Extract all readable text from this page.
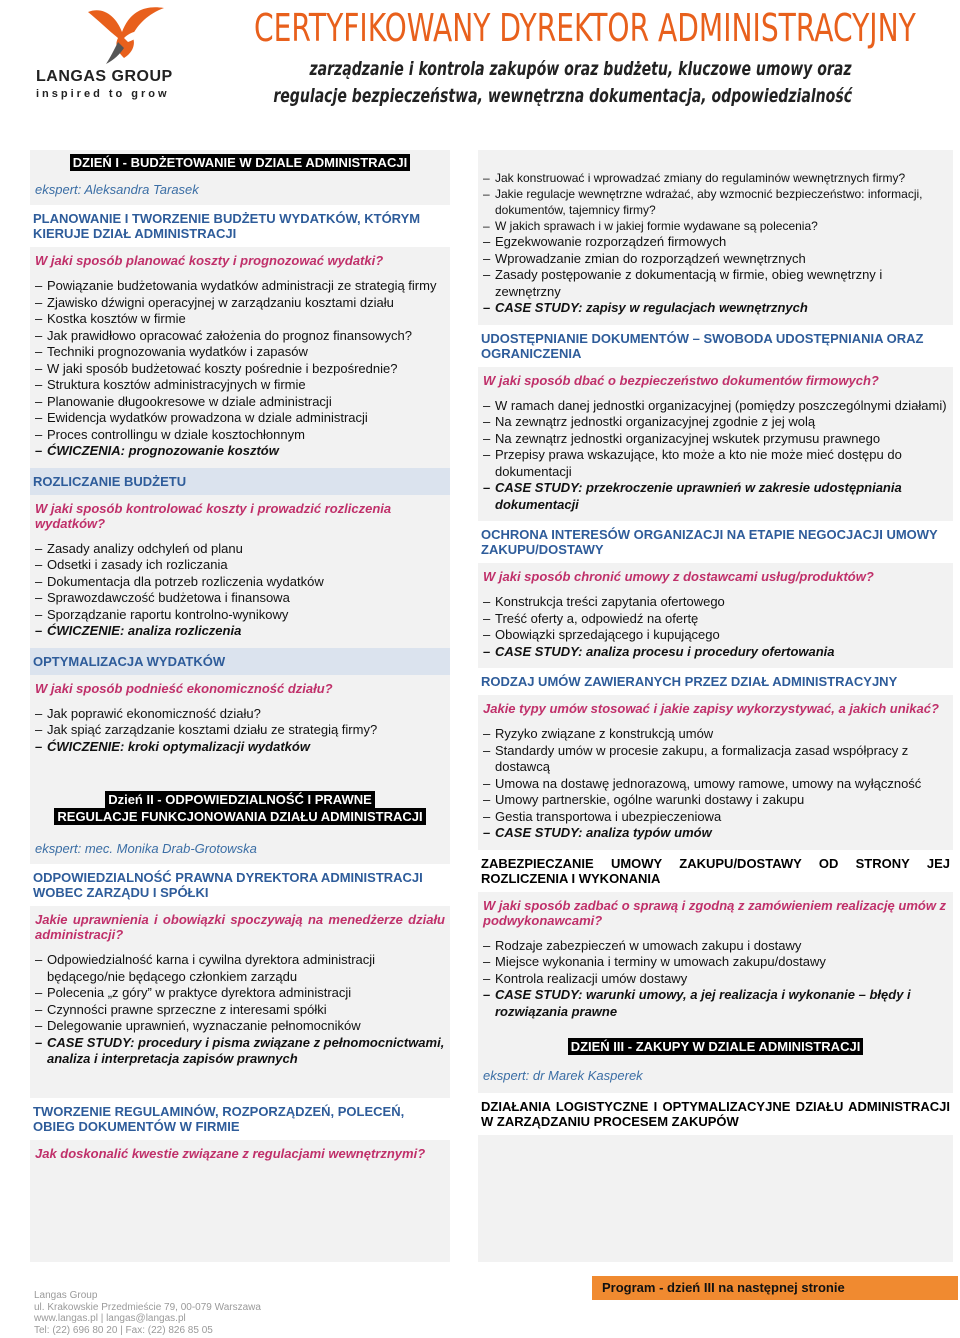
LANGAS GROUP
inspired to grow
CERTYFIKOWANY DYREKTOR ADMINISTRACYJNY
zarządzanie i kontrola zakupów oraz budżetu, kluczowe umowy oraz
regulacje bezpieczeństwa, wewnętrzna dokumentacja, odpowiedzialność
DZIEŃ I - BUDŻETOWANIE W DZIALE ADMINISTRACJI
ekspert: Aleksandra Tarasek
PLANOWANIE I TWORZENIE BUDŻETU WYDATKÓW, KTÓRYM KIERUJE DZIAŁ ADMINISTRACJI
W jaki sposób planować koszty i prognozować wydatki?
– Powiązanie budżetowania wydatków administracji ze strategią firmy
– Zjawisko dźwigni operacyjnej w zarządzaniu kosztami działu
– Kostka kosztów w firmie
– Jak prawidłowo opracować założenia do prognoz finansowych?
– Techniki prognozowania wydatków i zapasów
– W jaki sposób budżetować koszty pośrednie i bezpośrednie?
– Struktura kosztów administracyjnych w firmie
– Planowanie długookresowe w dziale administracji
– Ewidencja wydatków prowadzona w dziale administracji
– Proces controllingu w dziale kosztochłonnym
– ĆWICZENIA: prognozowanie kosztów
ROZLICZANIE BUDŻETU
W jaki sposób kontrolować koszty i prowadzić rozliczenia wydatków?
– Zasady analizy odchyleń od planu
– Odsetki i zasady ich rozliczania
– Dokumentacja dla potrzeb rozliczenia wydatków
– Sprawozdawczość budżetowa i finansowa
– Sporządzanie raportu kontrolno-wynikowy
– ĆWICZENIE: analiza rozliczenia
OPTYMALIZACJA WYDATKÓW
W jaki sposób podnieść ekonomiczność działu?
– Jak poprawić ekonomiczność działu?
– Jak spiąć zarządzanie kosztami działu ze strategią firmy?
– ĆWICZENIE: kroki optymalizacji wydatków
Dzień II - ODPOWIEDZIALNOŚĆ I PRAWNE
REGULACJE FUNKCJONOWANIA DZIAŁU ADMINISTRACJI
ekspert: mec. Monika Drab-Grotowska
ODPOWIEDZIALNOŚĆ PRAWNA DYREKTORA ADMINISTRACJI WOBEC ZARZĄDU I SPÓŁKI
Jakie uprawnienia i obowiązki spoczywają na menedżerze działu administracji?
– Odpowiedzialność karna i cywilna dyrektora administracji będącego/nie będącego członkiem zarządu
– Polecenia „z góry” w praktyce dyrektora administracji
– Czynności prawne sprzeczne z interesami spółki
– Delegowanie uprawnień, wyznaczanie pełnomocników
– CASE STUDY: procedury i pisma związane z pełnomocnictwami, analiza i interpretacja zapisów prawnych
TWORZENIE REGULAMINÓW, ROZPORZĄDZEŃ, POLECEŃ, OBIEG DOKUMENTÓW W FIRMIE
Jak doskonalić kwestie związane z regulacjami wewnętrznymi?
– Jak konstruować i wprowadzać zmiany do regulaminów wewnętrznych firmy?
– Jakie regulacje wewnętrzne wdrażać, aby wzmocnić bezpieczeństwo: informacji, dokumentów, tajemnicy firmy?
– W jakich sprawach i w jakiej formie wydawane są polecenia?
– Egzekwowanie rozporządzeń firmowych
– Wprowadzanie zmian do rozporządzeń wewnętrznych
– Zasady postępowanie z dokumentacją w firmie, obieg wewnętrzny i zewnętrzny
– CASE STUDY: zapisy w regulacjach wewnętrznych
UDOSTĘPNIANIE DOKUMENTÓW – SWOBODA UDOSTĘPNIANIA ORAZ OGRANICZENIA
W jaki sposób dbać o bezpieczeństwo dokumentów firmowych?
– W ramach danej jednostki organizacyjnej (pomiędzy poszczególnymi działami)
– Na zewnątrz jednostki organizacyjnej zgodnie z jej wolą
– Na zewnątrz jednostki organizacyjnej wskutek przymusu prawnego
– Przepisy prawa wskazujące, kto może a kto nie może mieć dostępu do dokumentacji
– CASE STUDY: przekroczenie uprawnień w zakresie udostępniania dokumentacji
OCHRONA INTERESÓW ORGANIZACJI NA ETAPIE NEGOCJACJI UMOWY ZAKUPU/DOSTAWY
W jaki sposób chronić umowy z dostawcami usług/produktów?
– Konstrukcja treści zapytania ofertowego
– Treść oferty a, odpowiedź na ofertę
– Obowiązki sprzedającego i kupującego
– CASE STUDY: analiza procesu i procedury ofertowania
RODZAJ UMÓW ZAWIERANYCH PRZEZ DZIAŁ ADMINISTRACYJNY
Jakie typy umów stosować i jakie zapisy wykorzystywać, a jakich unikać?
– Ryzyko związane z konstrukcją umów
– Standardy umów w procesie zakupu, a formalizacja zasad współpracy z dostawcą
– Umowa na dostawę jednorazową, umowy ramowe, umowy na wyłączność
– Umowy partnerskie, ogólne warunki dostawy i zakupu
– Gestia transportowa i ubezpieczeniowa
– CASE STUDY: analiza typów umów
ZABEZPIECZANIE UMOWY ZAKUPU/DOSTAWY OD STRONY JEJ ROZLICZENIA I WYKONANIA
W jaki sposób zadbać o sprawą i zgodną z zamówieniem realizację umów z podwykonawcami?
– Rodzaje zabezpieczeń w umowach zakupu i dostawy
– Miejsce wykonania i terminy w umowach zakupu/dostawy
– Kontrola realizacji umów dostawy
– CASE STUDY: warunki umowy, a jej realizacja i wykonanie – błędy i rozwiązania prawne
DZIEŃ III - ZAKUPY W DZIALE ADMINISTRACJI
ekspert: dr Marek Kasperek
DZIAŁANIA LOGISTYCZNE I OPTYMALIZACYJNE DZIAŁU ADMINISTRACJI W ZARZĄDZANIU PROCESEM ZAKUPÓW
Langas Group
ul. Krakowskie Przedmieście 79, 00-079 Warszawa
www.langas.pl | langas@langas.pl
Tel: (22) 696 80 20 | Fax: (22) 826 85 05
Program - dzień III na następnej stronie
